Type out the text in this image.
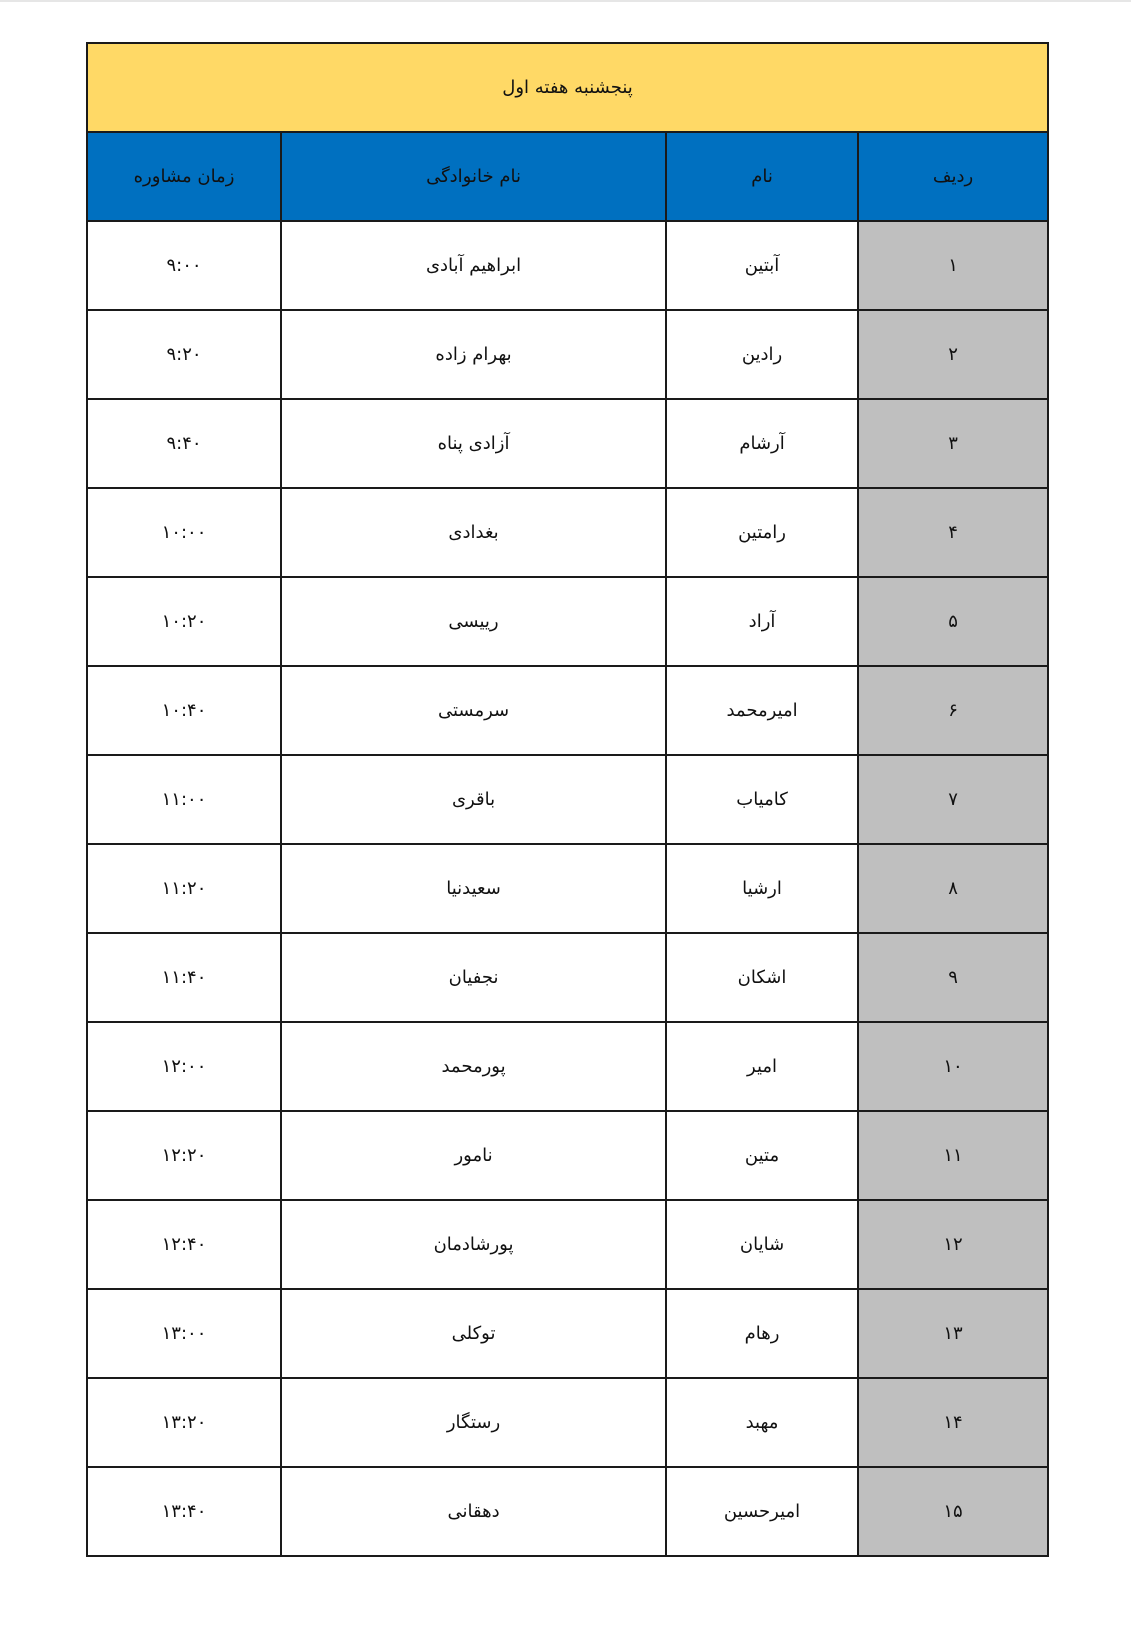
پنجشنبه هفته اول			
ردیف	نام	نام خانوادگی	زمان مشاوره
۱	آبتین	ابراهیم آبادی	۹:۰۰
۲	رادین	بهرام زاده	۹:۲۰
۳	آرشام	آزادی پناه	۹:۴۰
۴	رامتین	بغدادی	۱۰:۰۰
۵	آراد	رییسی	۱۰:۲۰
۶	امیرمحمد	سرمستی	۱۰:۴۰
۷	کامیاب	باقری	۱۱:۰۰
۸	ارشیا	سعیدنیا	۱۱:۲۰
۹	اشکان	نجفیان	۱۱:۴۰
۱۰	امیر	پورمحمد	۱۲:۰۰
۱۱	متین	نامور	۱۲:۲۰
۱۲	شایان	پورشادمان	۱۲:۴۰
۱۳	رهام	توکلی	۱۳:۰۰
۱۴	مهبد	رستگار	۱۳:۲۰
۱۵	امیرحسین	دهقانی	۱۳:۴۰
